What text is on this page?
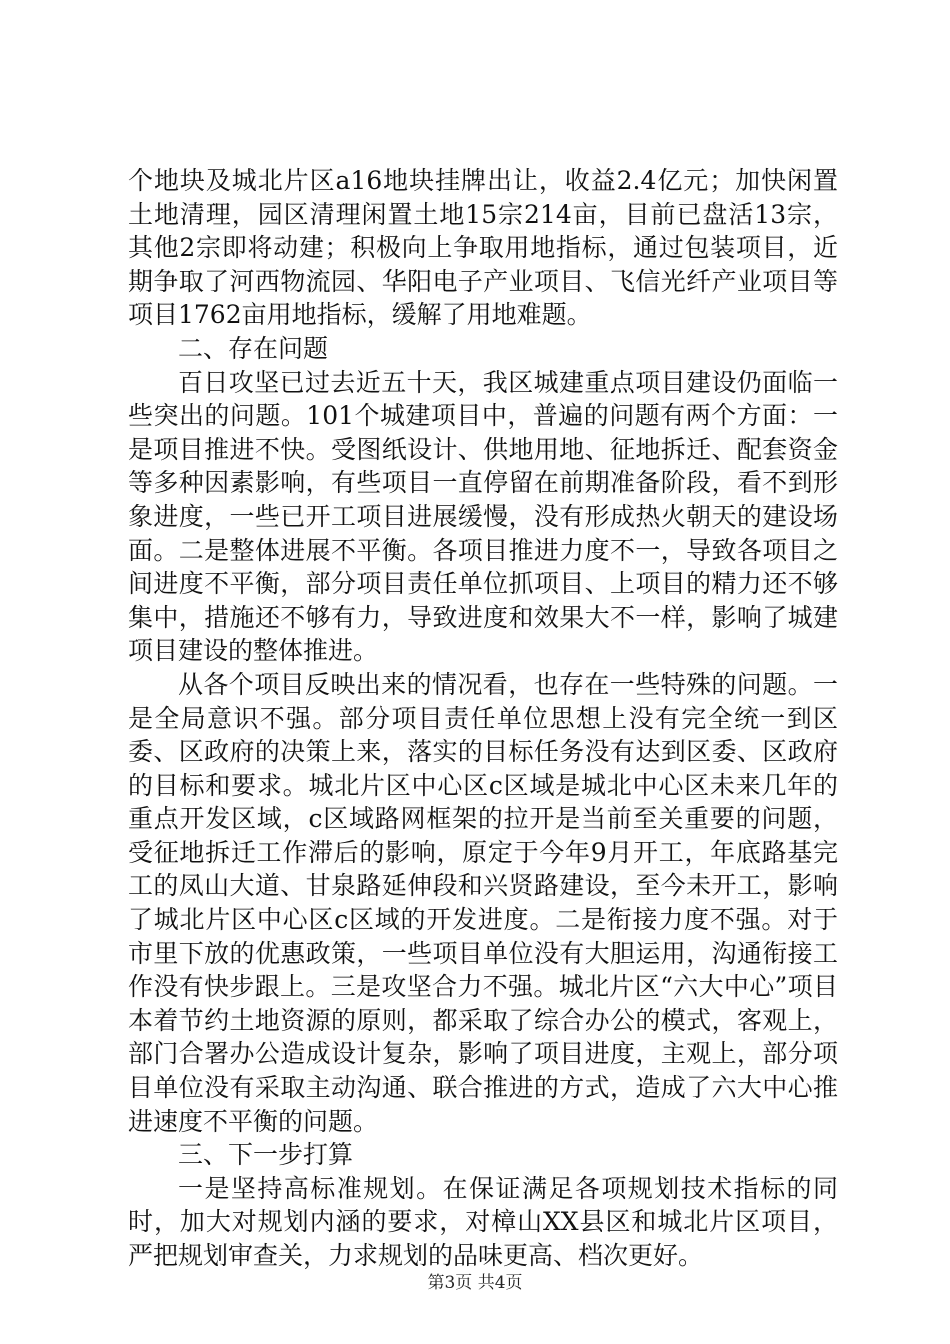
个地块及城北片区a16地块挂牌出让，收益2.4亿元；加快闲置土地清理，园区清理闲置土地15宗214亩，目前已盘活13宗，其他2宗即将动建；积极向上争取用地指标，通过包装项目，近期争取了河西物流园、华阳电子产业项目、飞信光纤产业项目等项目1762亩用地指标，缓解了用地难题。

二、存在问题

百日攻坚已过去近五十天，我区城建重点项目建设仍面临一些突出的问题。101个城建项目中，普遍的问题有两个方面：一是项目推进不快。受图纸设计、供地用地、征地拆迁、配套资金等多种因素影响，有些项目一直停留在前期准备阶段，看不到形象进度，一些已开工项目进展缓慢，没有形成热火朝天的建设场面。二是整体进展不平衡。各项目推进力度不一，导致各项目之间进度不平衡，部分项目责任单位抓项目、上项目的精力还不够集中，措施还不够有力，导致进度和效果大不一样，影响了城建项目建设的整体推进。

从各个项目反映出来的情况看，也存在一些特殊的问题。一是全局意识不强。部分项目责任单位思想上没有完全统一到区委、区政府的决策上来，落实的目标任务没有达到区委、区政府的目标和要求。城北片区中心区c区域是城北中心区未来几年的重点开发区域，c区域路网框架的拉开是当前至关重要的问题，受征地拆迁工作滞后的影响，原定于今年9月开工，年底路基完工的凤山大道、甘泉路延伸段和兴贤路建设，至今未开工，影响了城北片区中心区c区域的开发进度。二是衔接力度不强。对于市里下放的优惠政策，一些项目单位没有大胆运用，沟通衔接工作没有快步跟上。三是攻坚合力不强。城北片区“六大中心”项目本着节约土地资源的原则，都采取了综合办公的模式，客观上，部门合署办公造成设计复杂，影响了项目进度，主观上，部分项目单位没有采取主动沟通、联合推进的方式，造成了六大中心推进速度不平衡的问题。

三、下一步打算

一是坚持高标准规划。在保证满足各项规划技术指标的同时，加大对规划内涵的要求，对樟山XX县区和城北片区项目，严把规划审查关，力求规划的品味更高、档次更好。

第3页 共4页
